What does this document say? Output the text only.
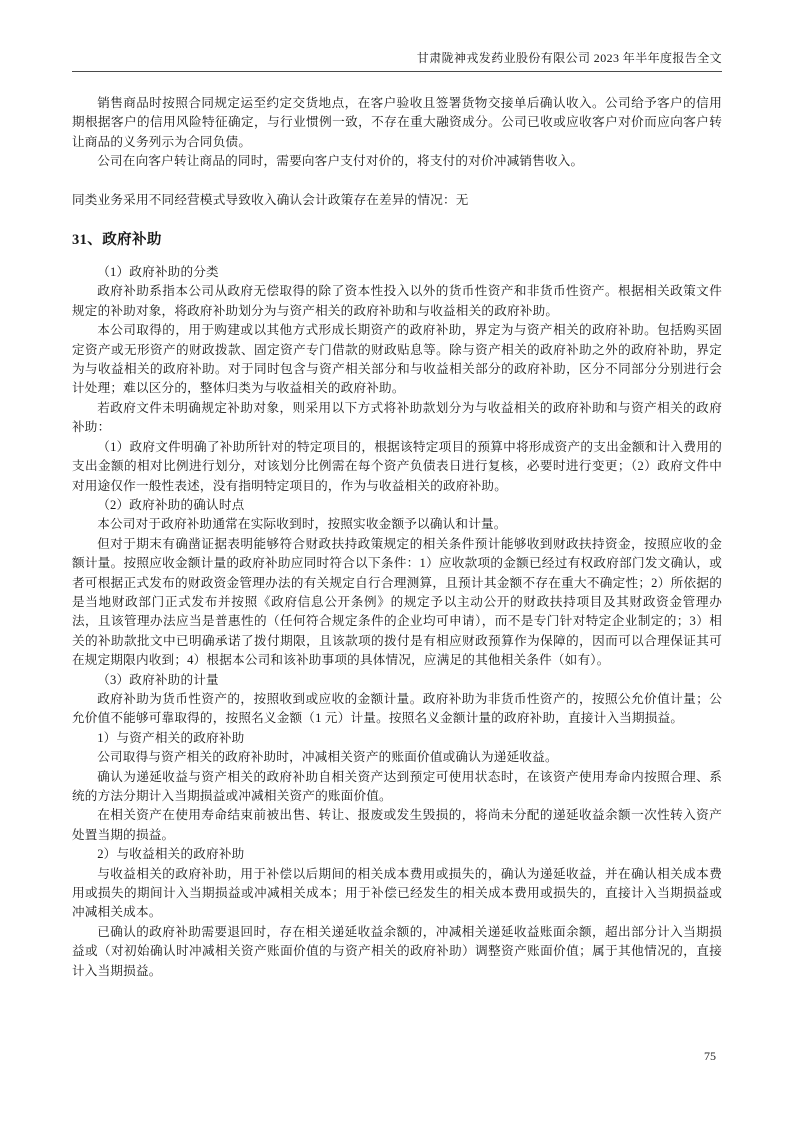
甘肃陇神戎发药业股份有限公司 2023 年半年度报告全文

销售商品时按照合同规定运至约定交货地点，在客户验收且签署货物交接单后确认收入。公司给予客户的信用期根据客户的信用风险特征确定，与行业惯例一致，不存在重大融资成分。公司已收或应收客户对价而应向客户转让商品的义务列示为合同负债。

公司在向客户转让商品的同时，需要向客户支付对价的，将支付的对价冲减销售收入。

同类业务采用不同经营模式导致收入确认会计政策存在差异的情况：无

31、政府补助

（1）政府补助的分类

政府补助系指本公司从政府无偿取得的除了资本性投入以外的货币性资产和非货币性资产。根据相关政策文件规定的补助对象，将政府补助划分为与资产相关的政府补助和与收益相关的政府补助。

本公司取得的，用于购建或以其他方式形成长期资产的政府补助，界定为与资产相关的政府补助。包括购买固定资产或无形资产的财政拨款、固定资产专门借款的财政贴息等。除与资产相关的政府补助之外的政府补助，界定为与收益相关的政府补助。对于同时包含与资产相关部分和与收益相关部分的政府补助，区分不同部分分别进行会计处理；难以区分的，整体归类为与收益相关的政府补助。

若政府文件未明确规定补助对象，则采用以下方式将补助款划分为与收益相关的政府补助和与资产相关的政府补助：

（1）政府文件明确了补助所针对的特定项目的，根据该特定项目的预算中将形成资产的支出金额和计入费用的支出金额的相对比例进行划分，对该划分比例需在每个资产负债表日进行复核，必要时进行变更；（2）政府文件中对用途仅作一般性表述，没有指明特定项目的，作为与收益相关的政府补助。

（2）政府补助的确认时点

本公司对于政府补助通常在实际收到时，按照实收金额予以确认和计量。

但对于期末有确凿证据表明能够符合财政扶持政策规定的相关条件预计能够收到财政扶持资金，按照应收的金额计量。按照应收金额计量的政府补助应同时符合以下条件：1）应收款项的金额已经过有权政府部门发文确认，或者可根据正式发布的财政资金管理办法的有关规定自行合理测算，且预计其金额不存在重大不确定性；2）所依据的是当地财政部门正式发布并按照《政府信息公开条例》的规定予以主动公开的财政扶持项目及其财政资金管理办法，且该管理办法应当是普惠性的（任何符合规定条件的企业均可申请），而不是专门针对特定企业制定的；3）相关的补助款批文中已明确承诺了拨付期限，且该款项的拨付是有相应财政预算作为保障的，因而可以合理保证其可在规定期限内收到；4）根据本公司和该补助事项的具体情况，应满足的其他相关条件（如有）。

（3）政府补助的计量

政府补助为货币性资产的，按照收到或应收的金额计量。政府补助为非货币性资产的，按照公允价值计量；公允价值不能够可靠取得的，按照名义金额（1 元）计量。按照名义金额计量的政府补助，直接计入当期损益。

1）与资产相关的政府补助

公司取得与资产相关的政府补助时，冲减相关资产的账面价值或确认为递延收益。

确认为递延收益与资产相关的政府补助自相关资产达到预定可使用状态时，在该资产使用寿命内按照合理、系统的方法分期计入当期损益或冲减相关资产的账面价值。

在相关资产在使用寿命结束前被出售、转让、报废或发生毁损的，将尚未分配的递延收益余额一次性转入资产处置当期的损益。

2）与收益相关的政府补助

与收益相关的政府补助，用于补偿以后期间的相关成本费用或损失的，确认为递延收益，并在确认相关成本费用或损失的期间计入当期损益或冲减相关成本；用于补偿已经发生的相关成本费用或损失的，直接计入当期损益或冲减相关成本。

已确认的政府补助需要退回时，存在相关递延收益余额的，冲减相关递延收益账面余额，超出部分计入当期损益或（对初始确认时冲减相关资产账面价值的与资产相关的政府补助）调整资产账面价值；属于其他情况的，直接计入当期损益。

75
